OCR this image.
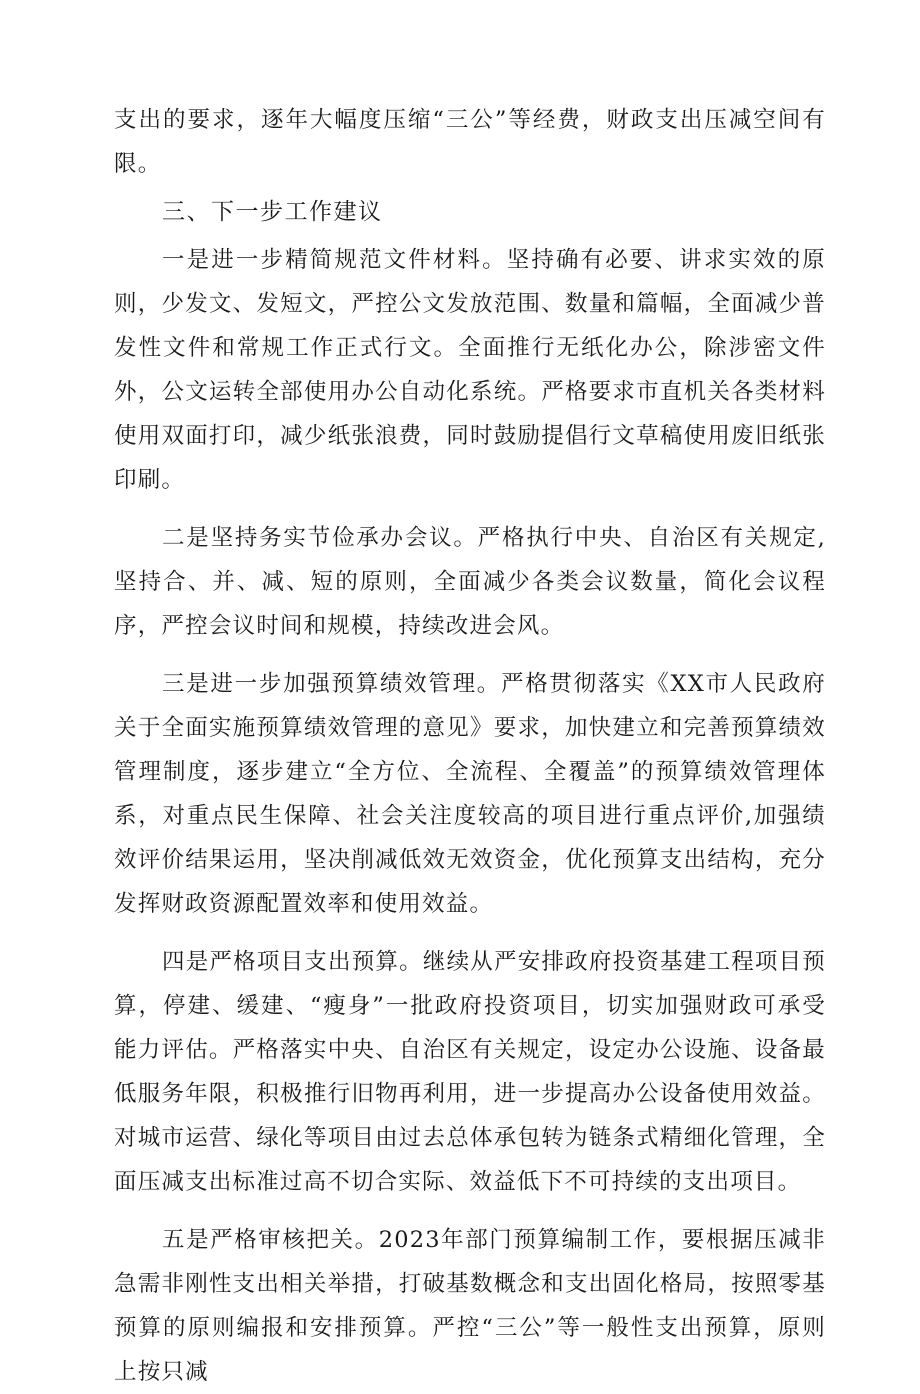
支出的要求，逐年大幅度压缩“三公”等经费，财政支出压减空间有限。

三、下一步工作建议

一是进一步精简规范文件材料。坚持确有必要、讲求实效的原则，少发文、发短文，严控公文发放范围、数量和篇幅，全面减少普发性文件和常规工作正式行文。全面推行无纸化办公，除涉密文件外，公文运转全部使用办公自动化系统。严格要求市直机关各类材料使用双面打印，减少纸张浪费，同时鼓励提倡行文草稿使用废旧纸张印刷。

二是坚持务实节俭承办会议。严格执行中央、自治区有关规定,坚持合、并、减、短的原则，全面减少各类会议数量，简化会议程序，严控会议时间和规模，持续改进会风。

三是进一步加强预算绩效管理。严格贯彻落实《XX市人民政府关于全面实施预算绩效管理的意见》要求，加快建立和完善预算绩效管理制度，逐步建立“全方位、全流程、全覆盖”的预算绩效管理体系，对重点民生保障、社会关注度较高的项目进行重点评价,加强绩效评价结果运用，坚决削减低效无效资金，优化预算支出结构，充分发挥财政资源配置效率和使用效益。

四是严格项目支出预算。继续从严安排政府投资基建工程项目预算，停建、缓建、“瘦身”一批政府投资项目，切实加强财政可承受能力评估。严格落实中央、自治区有关规定，设定办公设施、设备最低服务年限，积极推行旧物再利用，进一步提高办公设备使用效益。对城市运营、绿化等项目由过去总体承包转为链条式精细化管理，全面压减支出标准过高不切合实际、效益低下不可持续的支出项目。

五是严格审核把关。2023年部门预算编制工作，要根据压减非急需非刚性支出相关举措，打破基数概念和支出固化格局，按照零基预算的原则编报和安排预算。严控“三公”等一般性支出预算，原则上按只减
